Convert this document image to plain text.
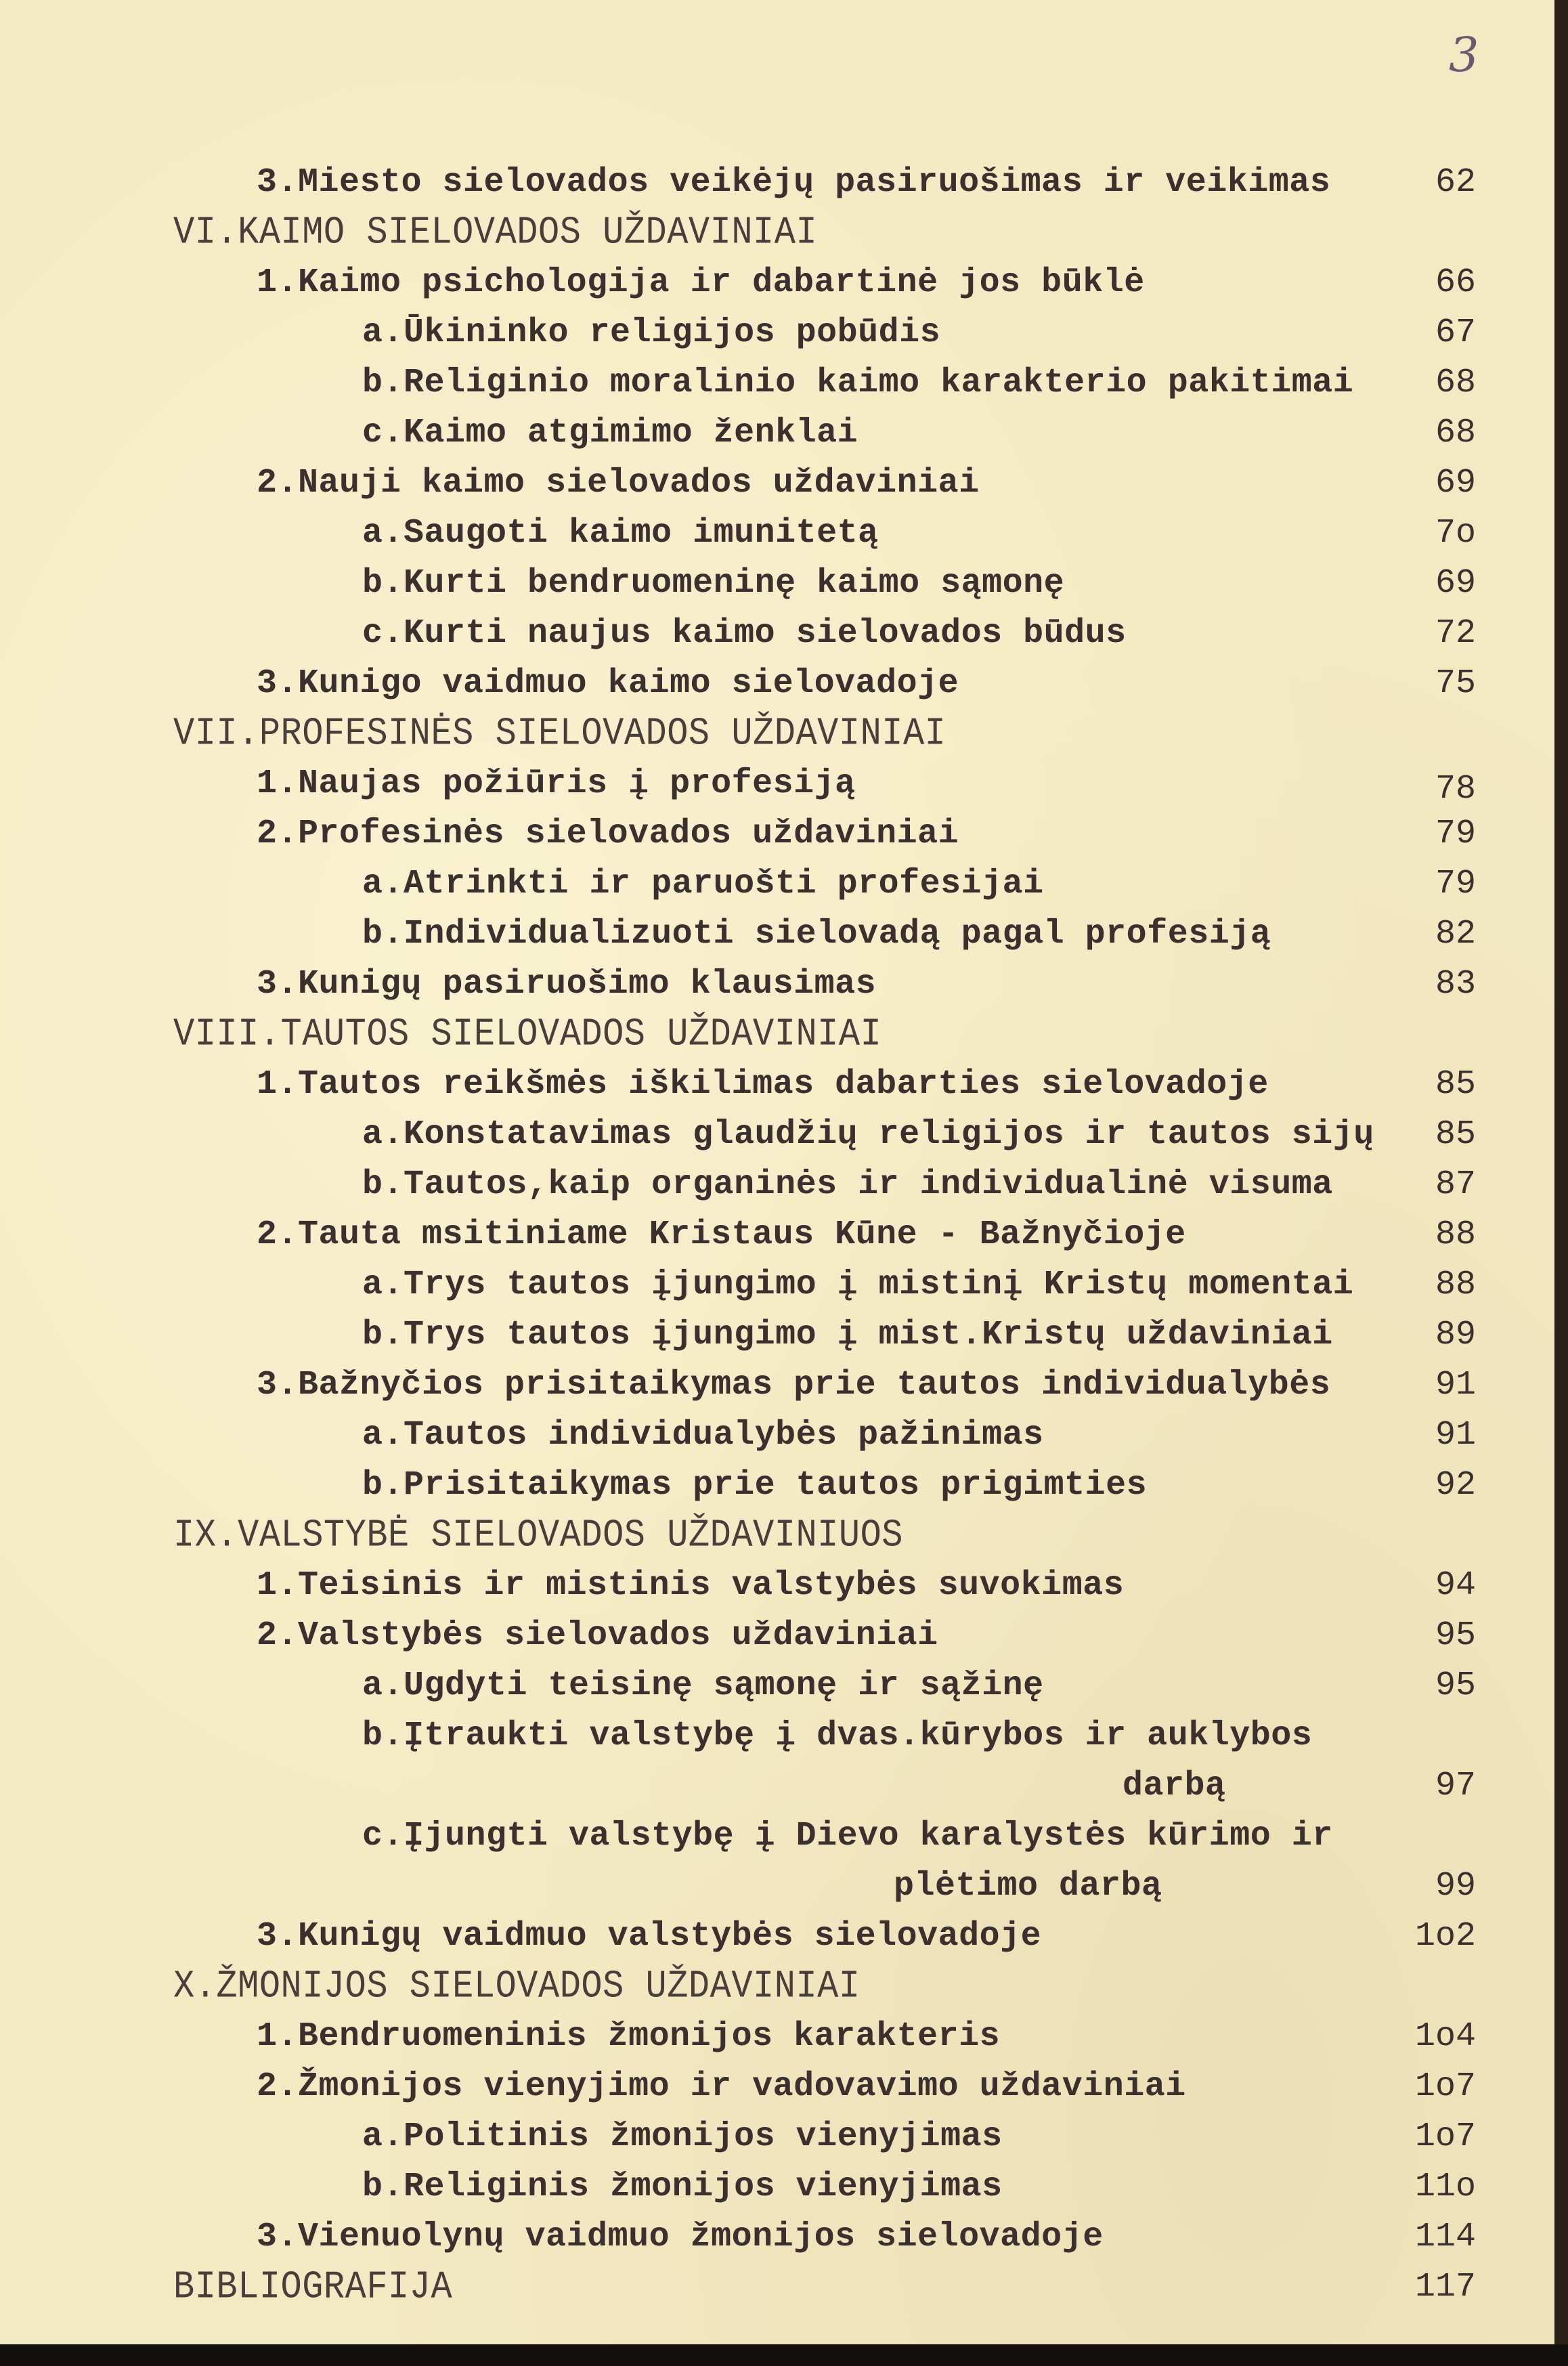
3
3.Miesto sielovados veikėjų pasiruošimas ir veikimas	62
VI.KAIMO SIELOVADOS UŽDAVINIAI
1.Kaimo psichologija ir dabartinė jos būklė	66
a.Ūkininko religijos pobūdis	67
b.Religinio moralinio kaimo karakterio pakitimai 68
c.Kaimo atgimimo ženklai	68
2.Nauji kaimo sielovados uždaviniai	69
a.Saugoti kaimo imunitetą	7o
b.Kurti bendruomeninę kaimo sąmonę	69
c.Kurti naujus kaimo sielovados būdus	72
3.Kunigo vaidmuo kaimo sielovadoje	75
VII.PROFESINĖS SIELOVADOS UŽDAVINIAI
1.Naujas požiūris į profesiją	78
2.Profesinės sielovados uždaviniai	79
a.Atrinkti ir paruošti profesijai	79
b.Individualizuoti sielovadą pagal profesiją	82
3.Kunigų pasiruošimo klausimas	83
VIII.TAUTOS SIELOVADOS UŽDAVINIAI
1.Tautos reikšmės iškilimas dabarties sielovadoje	85
a.Konstatavimas glaudžių religijos ir tautos sijų 85
b.Tautos,kaip organinės ir individualinė visuma	87
2.Tauta msitiniame Kristaus Kūne - Bažnyčioje	88
a.Trys tautos įjungimo į mistinį Kristų momentai 88
b.Trys tautos įjungimo į mist.Kristų uždaviniai	89
3.Bažnyčios prisitaikymas prie tautos individualybės	91
a.Tautos individualybės pažinimas	91
b.Prisitaikymas prie tautos prigimties	92
IX.VALSTYBĖ SIELOVADOS UŽDAVINIUOS
1.Teisinis ir mistinis valstybės suvokimas	94
2.Valstybės sielovados uždaviniai	95
a.Ugdyti teisinę sąmonę ir sąžinę	95
b.Įtraukti valstybę į dvas.kūrybos ir auklybos
darbą	97
c.Įjungti valstybę į Dievo karalystės kūrimo ir
plėtimo darbą	99
3.Kunigų vaidmuo valstybės sielovadoje	1o2
X.ŽMONIJOS SIELOVADOS UŽDAVINIAI
1.Bendruomeninis žmonijos karakteris	1o4
2.Žmonijos vienyjimo ir vadovavimo uždaviniai	1o7
a.Politinis žmonijos vienyjimas	1o7
b.Religinis žmonijos vienyjimas	11o
3.Vienuolynų vaidmuo žmonijos sielovadoje	114
BIBLIOGRAFIJA	117
